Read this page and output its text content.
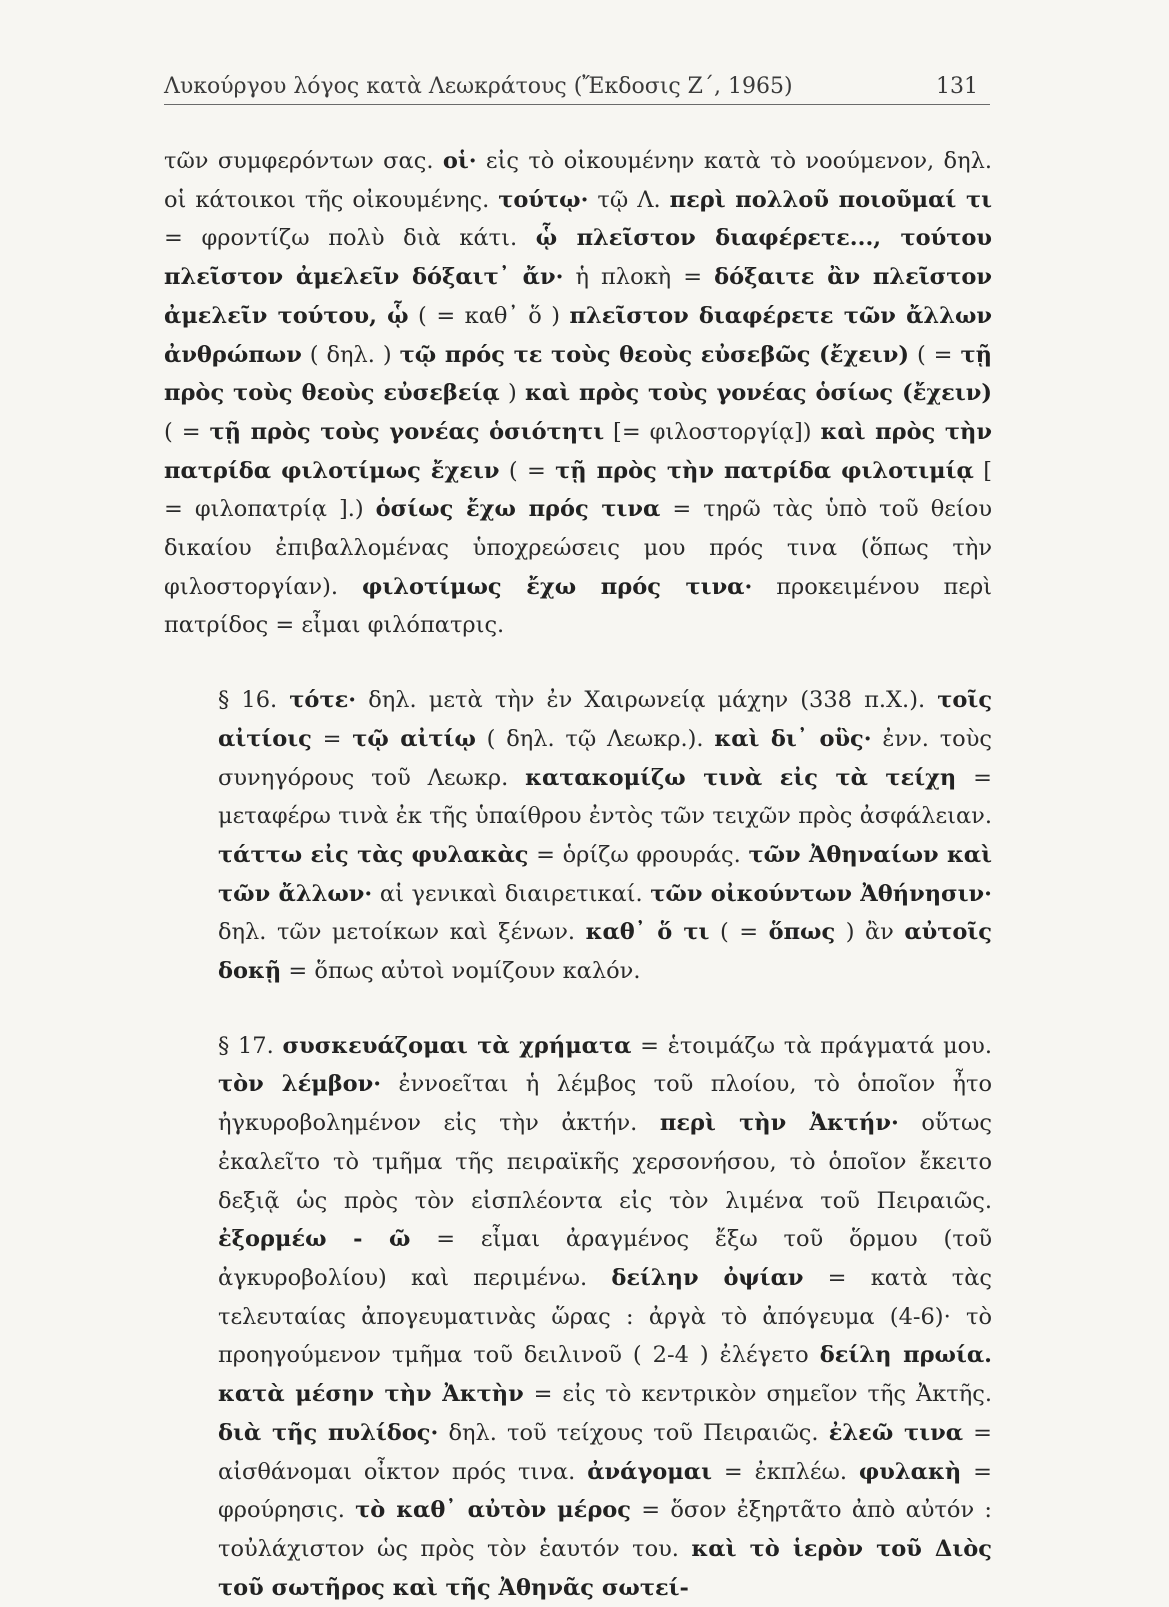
Λυκούργου λόγος κατὰ Λεωκράτους (Ἔκδοσις Ζ´, 1965)	131

τῶν συμφερόντων σας. οἱ· εἰς τὸ οἰκουμένην κατὰ τὸ νοούμενον, δηλ. οἱ κάτοικοι τῆς οἰκουμένης. τούτῳ· τῷ Λ. περὶ πολλοῦ ποιοῦμαί τι = φροντίζω πολὺ διὰ κάτι. ᾧ πλεῖστον διαφέρετε..., τούτου πλεῖστον ἀμελεῖν δόξαιτ᾽ ἄν· ἡ πλοκὴ = δόξαιτε ἂν πλεῖστον ἀμελεῖν τούτου, ᾧ ( = καθ᾽ ὅ ) πλεῖστον διαφέρετε τῶν ἄλλων ἀνθρώπων ( δηλ. ) τῷ πρός τε τοὺς θεοὺς εὐσεβῶς (ἔχειν) ( = τῇ πρὸς τοὺς θεοὺς εὐσεβείᾳ ) καὶ πρὸς τοὺς γονέας ὁσίως (ἔχειν) ( = τῇ πρὸς τοὺς γονέας ὁσιότητι [= φιλοστοργίᾳ]) καὶ πρὸς τὴν πατρίδα φιλοτίμως ἔχειν ( = τῇ πρὸς τὴν πατρίδα φιλοτιμίᾳ [ = φιλοπατρίᾳ ].) ὁσίως ἔχω πρός τινα = τηρῶ τὰς ὑπὸ τοῦ θείου δικαίου ἐπιβαλλομένας ὑποχρεώσεις μου πρός τινα (ὅπως τὴν φιλοστοργίαν). φιλοτίμως ἔχω πρός τινα· προκειμένου περὶ πατρίδος = εἶμαι φιλόπατρις.

§ 16. τότε· δηλ. μετὰ τὴν ἐν Χαιρωνείᾳ μάχην (338 π.Χ.). τοῖς αἰτίοις = τῷ αἰτίῳ ( δηλ. τῷ Λεωκρ.). καὶ δι᾽ οὓς· ἐνν. τοὺς συνηγόρους τοῦ Λεωκρ. κατακομίζω τινὰ εἰς τὰ τείχη = μεταφέρω τινὰ ἐκ τῆς ὑπαίθρου ἐντὸς τῶν τειχῶν πρὸς ἀσφάλειαν. τάττω εἰς τὰς φυλακὰς = ὁρίζω φρουράς. τῶν Ἀθηναίων καὶ τῶν ἄλλων· αἱ γενικαὶ διαιρετικαί. τῶν οἰκούντων Ἀθήνησιν· δηλ. τῶν μετοίκων καὶ ξένων. καθ᾽ ὅ τι ( = ὅπως ) ἂν αὐτοῖς δοκῇ = ὅπως αὐτοὶ νομίζουν καλόν.

§ 17. συσκευάζομαι τὰ χρήματα = ἑτοιμάζω τὰ πράγματά μου. τὸν λέμβον· ἐννοεῖται ἡ λέμβος τοῦ πλοίου, τὸ ὁποῖον ἦτο ἠγκυροβολημένον εἰς τὴν ἀκτήν. περὶ τὴν Ἀκτήν· οὕτως ἐκαλεῖτο τὸ τμῆμα τῆς πειραϊκῆς χερσονήσου, τὸ ὁποῖον ἔκειτο δεξιᾷ ὡς πρὸς τὸν εἰσπλέοντα εἰς τὸν λιμένα τοῦ Πειραιῶς. ἐξορμέω - ῶ = εἶμαι ἀραγμένος ἔξω τοῦ ὅρμου (τοῦ ἀγκυροβολίου) καὶ περιμένω. δείλην ὀψίαν = κατὰ τὰς τελευταίας ἀπογευματινὰς ὥρας : ἀργὰ τὸ ἀπόγευμα (4-6)· τὸ προηγούμενον τμῆμα τοῦ δειλινοῦ ( 2-4 ) ἐλέγετο δείλη πρωία. κατὰ μέσην τὴν Ἀκτὴν = εἰς τὸ κεντρικὸν σημεῖον τῆς Ἀκτῆς. διὰ τῆς πυλίδος· δηλ. τοῦ τείχους τοῦ Πειραιῶς. ἐλεῶ τινα = αἰσθάνομαι οἶκτον πρός τινα. ἀνάγομαι = ἐκπλέω. φυλακὴ = φρούρησις. τὸ καθ᾽ αὐτὸν μέρος = ὅσον ἐξηρτᾶτο ἀπὸ αὐτόν : τοὐλάχιστον ὡς πρὸς τὸν ἑαυτόν του. καὶ τὸ ἱερὸν τοῦ Διὸς τοῦ σωτῆρος καὶ τῆς Ἀθηνᾶς σωτεί-
